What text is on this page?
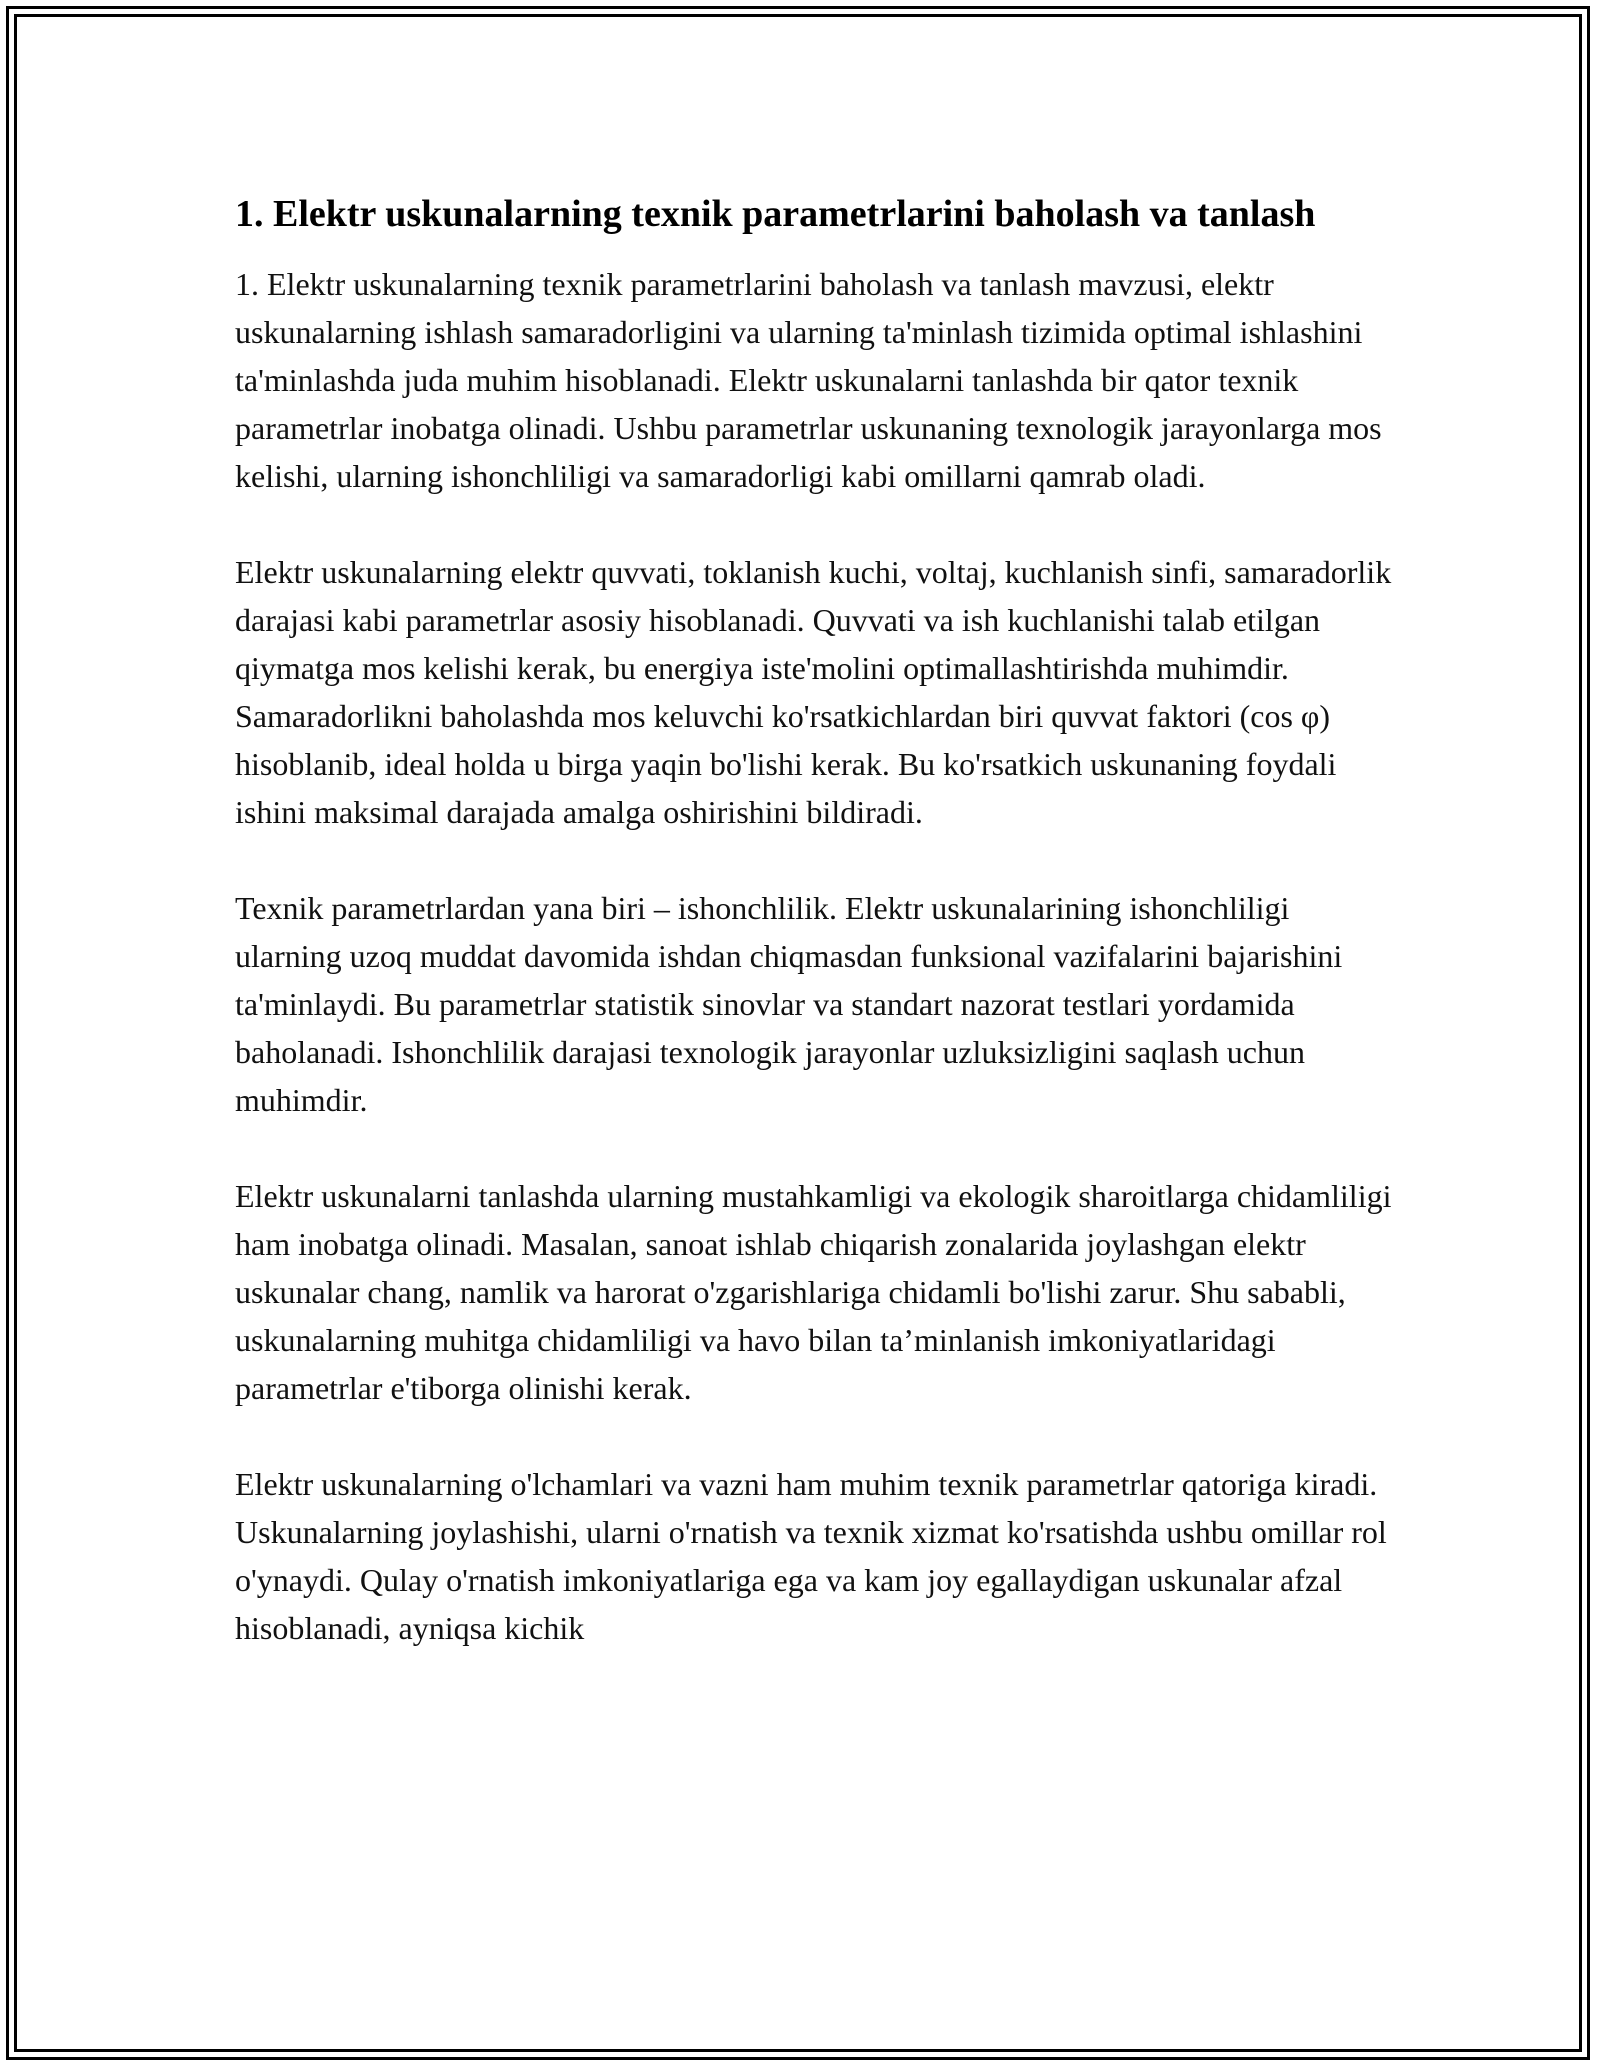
1. Elektr uskunalarning texnik parametrlarini baholash va tanlash

1. Elektr uskunalarning texnik parametrlarini baholash va tanlash mavzusi, elektr uskunalarning ishlash samaradorligini va ularning ta'minlash tizimida optimal ishlashini ta'minlashda juda muhim hisoblanadi. Elektr uskunalarni tanlashda bir qator texnik parametrlar inobatga olinadi. Ushbu parametrlar uskunaning texnologik jarayonlarga mos kelishi, ularning ishonchliligi va samaradorligi kabi omillarni qamrab oladi.

Elektr uskunalarning elektr quvvati, toklanish kuchi, voltaj, kuchlanish sinfi, samaradorlik darajasi kabi parametrlar asosiy hisoblanadi. Quvvati va ish kuchlanishi talab etilgan qiymatga mos kelishi kerak, bu energiya iste'molini optimallashtirishda muhimdir. Samaradorlikni baholashda mos keluvchi ko'rsatkichlardan biri quvvat faktori (cos φ) hisoblanib, ideal holda u birga yaqin bo'lishi kerak. Bu ko'rsatkich uskunaning foydali ishini maksimal darajada amalga oshirishini bildiradi.

Texnik parametrlardan yana biri – ishonchlilik. Elektr uskunalarining ishonchliligi ularning uzoq muddat davomida ishdan chiqmasdan funksional vazifalarini bajarishini ta'minlaydi. Bu parametrlar statistik sinovlar va standart nazorat testlari yordamida baholanadi. Ishonchlilik darajasi texnologik jarayonlar uzluksizligini saqlash uchun muhimdir.

Elektr uskunalarni tanlashda ularning mustahkamligi va ekologik sharoitlarga chidamliligi ham inobatga olinadi. Masalan, sanoat ishlab chiqarish zonalarida joylashgan elektr uskunalar chang, namlik va harorat o'zgarishlariga chidamli bo'lishi zarur. Shu sababli, uskunalarning muhitga chidamliligi va havo bilan ta’minlanish imkoniyatlaridagi parametrlar e'tiborga olinishi kerak.

Elektr uskunalarning o'lchamlari va vazni ham muhim texnik parametrlar qatoriga kiradi. Uskunalarning joylashishi, ularni o'rnatish va texnik xizmat ko'rsatishda ushbu omillar rol o'ynaydi. Qulay o'rnatish imkoniyatlariga ega va kam joy egallaydigan uskunalar afzal hisoblanadi, ayniqsa kichik
